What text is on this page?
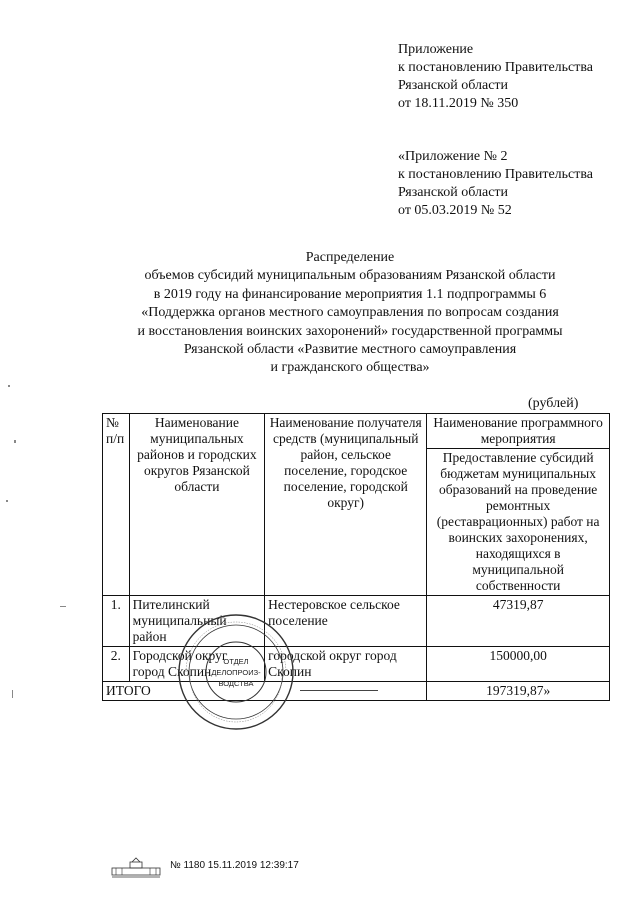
Приложение
к постановлению Правительства
Рязанской области
от 18.11.2019 № 350
«Приложение № 2
к постановлению Правительства
Рязанской области
от 05.03.2019 № 52
Распределение
объемов субсидий муниципальным образованиям Рязанской области
в 2019 году на финансирование мероприятия 1.1 подпрограммы 6
«Поддержка органов местного самоуправления по вопросам создания
и восстановления воинских захоронений» государственной программы
Рязанской области «Развитие местного самоуправления
и гражданского общества»
(рублей)
№ п/п	Наименование муниципальных районов и городских округов Рязанской области	Наименование получателя средств (муниципальный район, сельское поселение, городское поселение, городской округ)	Наименование программного мероприятия
			Предоставление субсидий бюджетам муниципальных образований на проведение ремонтных (реставрационных) работ на воинских захоронениях, находящихся в муниципальной собственности
1.	Пителинский муниципальный район	Нестеровское сельское поселение	47319,87
2.	Городской округ город Скопин	городской округ город Скопин	150000,00
ИТОГО			197319,87»
ОТДЕЛ
ДЕЛОПРОИЗ-
ВОДСТВА
№ 1180 15.11.2019 12:39:17
